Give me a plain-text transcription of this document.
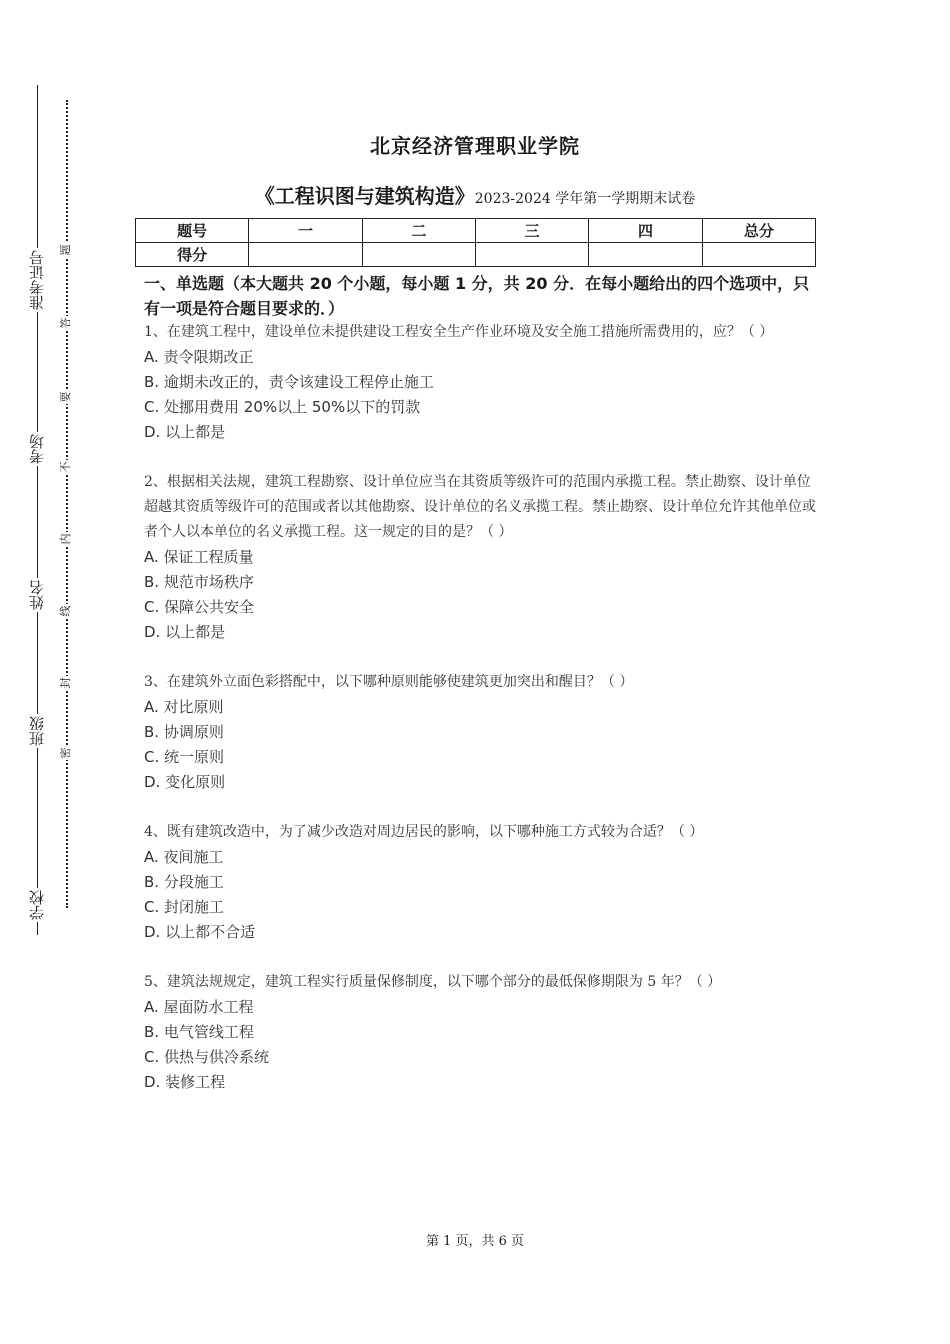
准考证号
考场
姓名
班级
学校
题
答
要
不
内
线
封
密
北京经济管理职业学院
《工程识图与建筑构造》2023-2024 学年第一学期期末试卷
题号	一	二	三	四	总分
得分					
一、单选题（本大题共 20 个小题，每小题 1 分，共 20 分．在每小题给出的四个选项中，只有一项是符合题目要求的．）
1、在建筑工程中，建设单位未提供建设工程安全生产作业环境及安全施工措施所需费用的，应？（ ）
A. 责令限期改正
B. 逾期未改正的，责令该建设工程停止施工
C. 处挪用费用 20%以上 50%以下的罚款
D. 以上都是
2、根据相关法规，建筑工程勘察、设计单位应当在其资质等级许可的范围内承揽工程。禁止勘察、设计单位超越其资质等级许可的范围或者以其他勘察、设计单位的名义承揽工程。禁止勘察、设计单位允许其他单位或者个人以本单位的名义承揽工程。这一规定的目的是？（ ）
A. 保证工程质量
B. 规范市场秩序
C. 保障公共安全
D. 以上都是
3、在建筑外立面色彩搭配中，以下哪种原则能够使建筑更加突出和醒目？（ ）
A. 对比原则
B. 协调原则
C. 统一原则
D. 变化原则
4、既有建筑改造中，为了减少改造对周边居民的影响，以下哪种施工方式较为合适？（ ）
A. 夜间施工
B. 分段施工
C. 封闭施工
D. 以上都不合适
5、建筑法规规定，建筑工程实行质量保修制度，以下哪个部分的最低保修期限为 5 年？（ ）
A. 屋面防水工程
B. 电气管线工程
C. 供热与供冷系统
D. 装修工程
第 1 页，共 6 页
